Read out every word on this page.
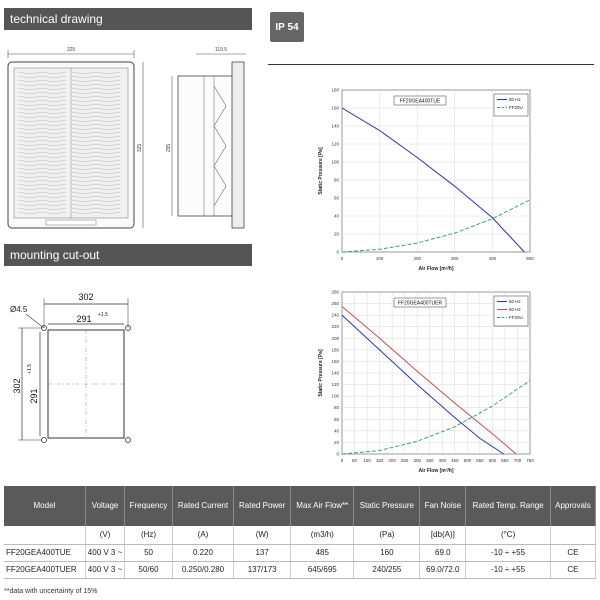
technical drawing
mounting cut-out
IP 54
325
325
119.5
295
Ø4.5
302
291 +1.5
302
291
+1.5
0	100	200	300	400	500
0
20
40
60
80
100
120
140
160
180
Air Flow [m³/h]
Static Pressure [Pa]
FF20GEA400TUE	50 Hz
FF20U
0 50 100 150 200 250 300 350 400 450 500 550 600 650 700 750
0
20
40
60
80
100
120
140
160
180
200
220
240
260
280
Air Flow [m³/h]
Static Pressure [Pa]
FF20GEA400TUER	50 Hz
60 Hz
FF20U
Model	Voltage	Frequency	Rated Current	Rated Power	Max Air Flow**	Static Pressure	Fan Noise	Rated Temp. Range	Approvals
	(V)	(Hz)	(A)	(W)	(m3/h)	(Pa)	[db(A)]	(°C)	
FF20GEA400TUE	400 V 3 ~	50	0.220	137	485	160	69.0	-10 ÷ +55	CE
FF20GEA400TUER	400 V 3 ~	50/60	0.250/0.280	137/173	645/695	240/255	69.0/72.0	-10 ÷ +55	CE
**data with uncertainty of 15%
